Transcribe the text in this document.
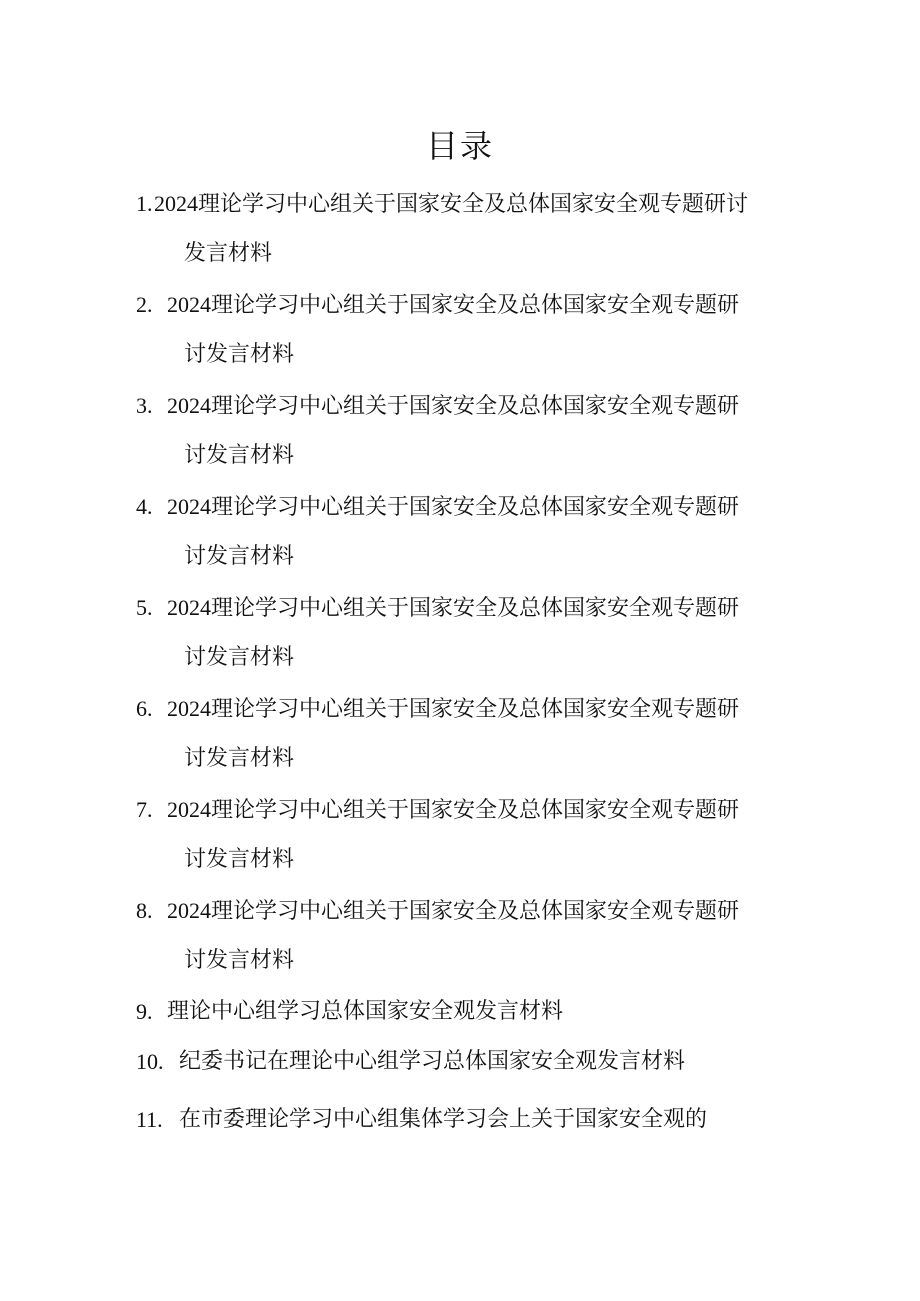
目录
1. 2024理论学习中心组关于国家安全及总体国家安全观专题研讨
发言材料
2. 2024理论学习中心组关于国家安全及总体国家安全观专题研
讨发言材料
3. 2024理论学习中心组关于国家安全及总体国家安全观专题研
讨发言材料
4. 2024理论学习中心组关于国家安全及总体国家安全观专题研
讨发言材料
5. 2024理论学习中心组关于国家安全及总体国家安全观专题研
讨发言材料
6. 2024理论学习中心组关于国家安全及总体国家安全观专题研
讨发言材料
7. 2024理论学习中心组关于国家安全及总体国家安全观专题研
讨发言材料
8. 2024理论学习中心组关于国家安全及总体国家安全观专题研
讨发言材料
9. 理论中心组学习总体国家安全观发言材料
10. 纪委书记在理论中心组学习总体国家安全观发言材料
11. 在市委理论学习中心组集体学习会上关于国家安全观的
